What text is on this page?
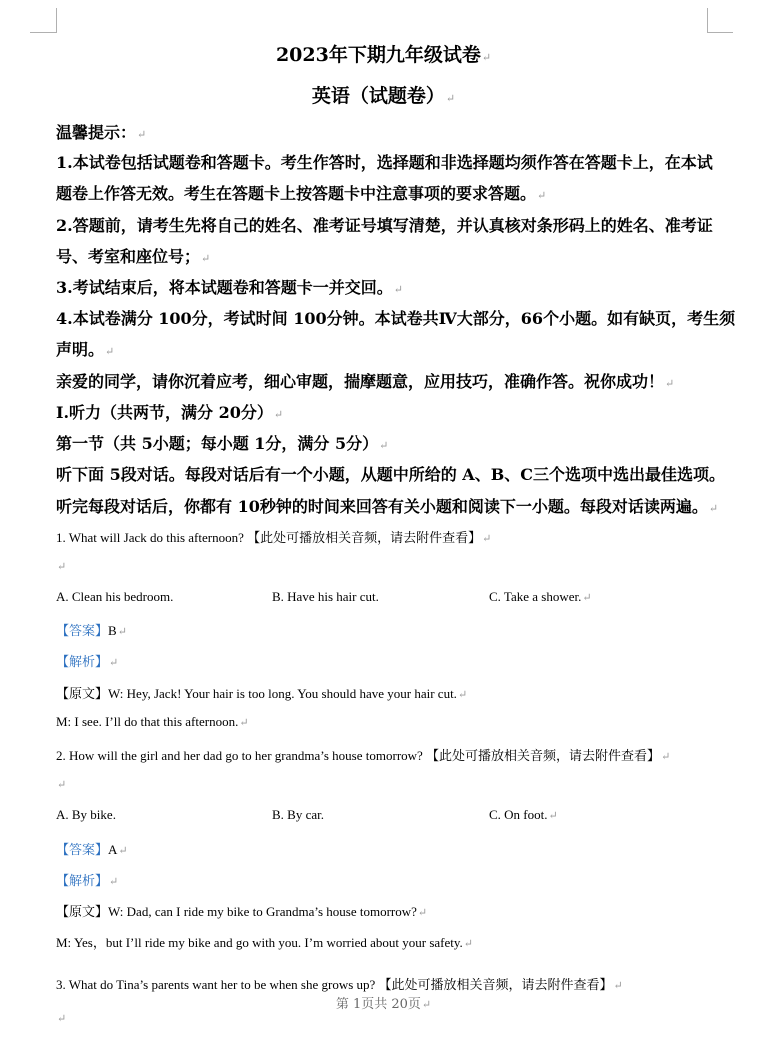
2023年下期九年级试卷↵
英语（试题卷）↵
温馨提示：↵
1.本试卷包括试题卷和答题卡。考生作答时，选择题和非选择题均须作答在答题卡上，在本试
题卷上作答无效。考生在答题卡上按答题卡中注意事项的要求答题。↵
2.答题前，请考生先将自己的姓名、准考证号填写清楚，并认真核对条形码上的姓名、准考证
号、考室和座位号；↵
3.考试结束后，将本试题卷和答题卡一并交回。↵
4.本试卷满分 100分，考试时间 100分钟。本试卷共Ⅳ大部分，66个小题。如有缺页，考生须
声明。↵
亲爱的同学，请你沉着应考，细心审题，揣摩题意，应用技巧，准确作答。祝你成功！↵
Ⅰ.听力（共两节，满分 20分）↵
第一节（共 5小题；每小题 1分，满分 5分）↵
听下面 5段对话。每段对话后有一个小题，从题中所给的 A、B、C三个选项中选出最佳选项。
听完每段对话后，你都有 10秒钟的时间来回答有关小题和阅读下一小题。每段对话读两遍。↵
1. What will Jack do this afternoon? 【此处可播放相关音频，请去附件查看】↵
↵
A. Clean his bedroom.	B. Have his hair cut.	C. Take a shower.↵
【答案】B↵
【解析】↵
【原文】W: Hey, Jack! Your hair is too long. You should have your hair cut.↵
M: I see. I’ll do that this afternoon.↵
2. How will the girl and her dad go to her grandma’s house tomorrow? 【此处可播放相关音频，请去附件查看】↵
↵
A. By bike.	B. By car.	C. On foot.↵
【答案】A↵
【解析】↵
【原文】W: Dad, can I ride my bike to Grandma’s house tomorrow?↵
M: Yes，but I’ll ride my bike and go with you. I’m worried about your safety.↵
3. What do Tina’s parents want her to be when she grows up? 【此处可播放相关音频，请去附件查看】↵
第 1页共 20页↵
↵
